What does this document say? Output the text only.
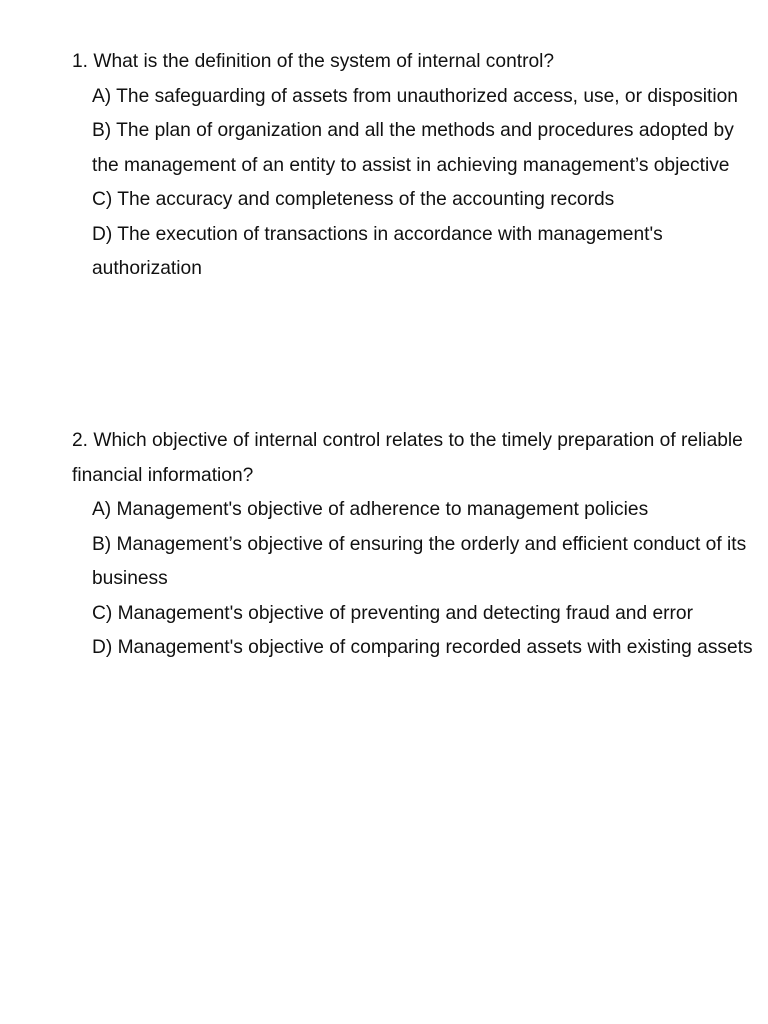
1. What is the definition of the system of internal control?

A) The safeguarding of assets from unauthorized access, use, or disposition
B) The plan of organization and all the methods and procedures adopted by the management of an entity to assist in achieving management’s objective
C) The accuracy and completeness of the accounting records
D) The execution of transactions in accordance with management's authorization

2. Which objective of internal control relates to the timely preparation of reliable financial information?

A) Management's objective of adherence to management policies
B) Management’s objective of ensuring the orderly and efficient conduct of its business
C) Management's objective of preventing and detecting fraud and error
D) Management's objective of comparing recorded assets with existing assets
